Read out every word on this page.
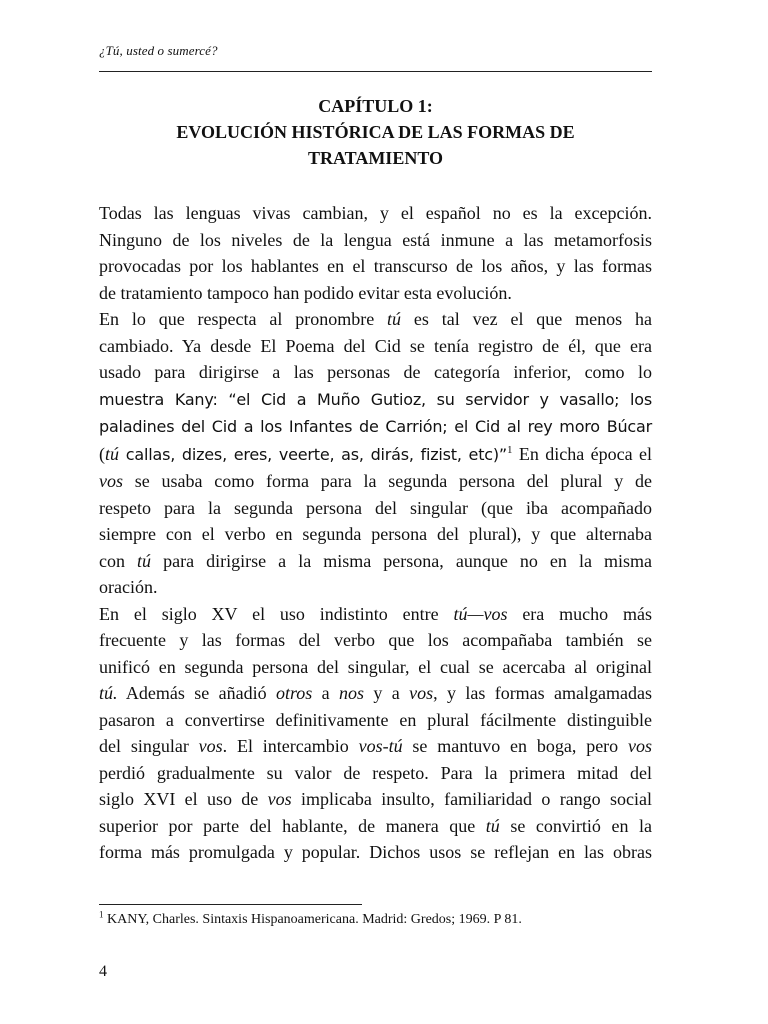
¿Tú, usted o sumercé?
CAPÍTULO 1:
EVOLUCIÓN HISTÓRICA DE LAS FORMAS DE
TRATAMIENTO

Todas las lenguas vivas cambian, y el español no es la excepción.
Ninguno de los niveles de la lengua está inmune a las metamorfosis
provocadas por los hablantes en el transcurso de los años, y las formas
de tratamiento tampoco han podido evitar esta evolución.

En lo que respecta al pronombre tú es tal vez el que menos ha
cambiado. Ya desde El Poema del Cid se tenía registro de él, que era
usado para dirigirse a las personas de categoría inferior, como lo
muestra Kany: “el Cid a Muño Gutioz, su servidor y vasallo; los
paladines del Cid a los Infantes de Carrión; el Cid al rey moro Búcar
(tú callas, dizes, eres, veerte, as, dirás, fizist, etc)”$^1$ En dicha época el
vos se usaba como forma para la segunda persona del plural y de
respeto para la segunda persona del singular (que iba acompañado
siempre con el verbo en segunda persona del plural), y que alternaba
con tú para dirigirse a la misma persona, aunque no en la misma
oración.

En el siglo XV el uso indistinto entre tú—vos era mucho más
frecuente y las formas del verbo que los acompañaba también se
unificó en segunda persona del singular, el cual se acercaba al original
tú. Además se añadió otros a nos y a vos, y las formas amalgamadas
pasaron a convertirse definitivamente en plural fácilmente distinguible
del singular vos. El intercambio vos-tú se mantuvo en boga, pero vos
perdió gradualmente su valor de respeto. Para la primera mitad del
siglo XVI el uso de vos implicaba insulto, familiaridad o rango social
superior por parte del hablante, de manera que tú se convirtió en la
forma más promulgada y popular. Dichos usos se reflejan en las obras

$^1$ KANY, Charles. Sintaxis Hispanoamericana. Madrid: Gredos; 1969. P 81.
4
